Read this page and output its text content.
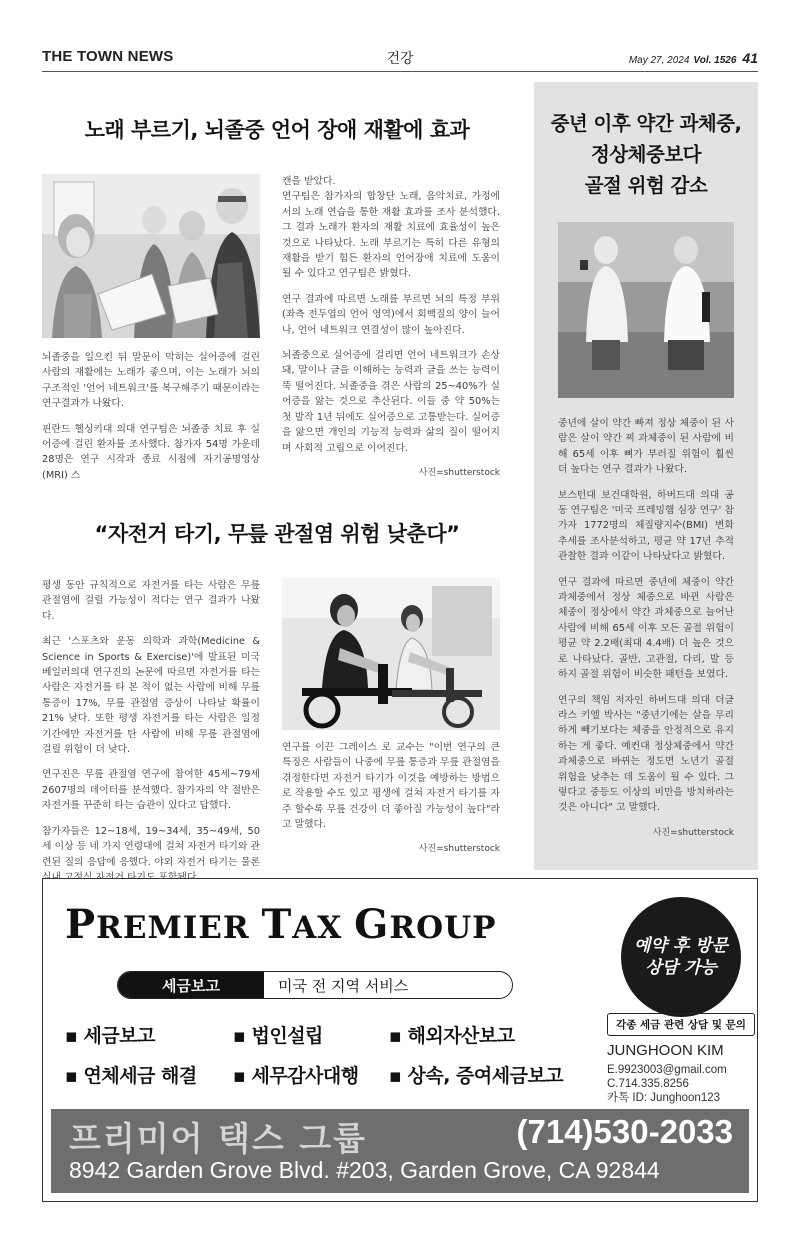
THE TOWN NEWS	건강	May 27, 2024 Vol. 1526 41
노래 부르기, 뇌졸중 언어 장애 재활에 효과

뇌졸중을 일으킨 뒤 말문이 막히는 실어증에 걸린 사람의 재활에는 노래가 좋으며, 이는 노래가 뇌의 구조적인 '언어 네트워크'를 복구해주기 때문이라는 연구결과가 나왔다.

핀란드 헬싱키대 의대 연구팀은 뇌졸중 치료 후 실어증에 걸린 환자를 조사했다. 참가자 54명 가운데 28명은 연구 시작과 종료 시점에 자기공명영상(MRI) 스

캔을 받았다.

연구팀은 참가자의 합창단 노래, 음악치료, 가정에서의 노래 연습을 통한 재활 효과를 조사 분석했다. 그 결과 노래가 환자의 재활 치료에 효율성이 높은 것으로 나타났다. 노래 부르기는 특히 다른 유형의 재활을 받기 힘든 환자의 언어장애 치료에 도움이 될 수 있다고 연구팀은 밝혔다.

연구 결과에 따르면 노래를 부르면 뇌의 특정 부위(좌측 전두엽의 언어 영역)에서 회백질의 양이 늘어나, 언어 네트워크 연결성이 많이 높아진다.

뇌졸중으로 실어증에 걸리면 언어 네트워크가 손상돼, 말이나 글을 이해하는 능력과 글을 쓰는 능력이 뚝 떨어진다. 뇌졸중을 겪은 사람의 25~40%가 실어증을 앓는 것으로 추산된다. 이들 중 약 50%는 첫 발작 1년 뒤에도 실어증으로 고통받는다. 실어증을 앓으면 개인의 기능적 능력과 삶의 질이 떨어지며 사회적 고립으로 이어진다.

사진=shutterstock
“자전거 타기, 무릎 관절염 위험 낮춘다”

평생 동안 규칙적으로 자전거를 타는 사람은 무릎 관절염에 걸릴 가능성이 적다는 연구 결과가 나왔다.

최근 '스포츠와 운동 의학과 과학(Medicine & Science in Sports & Exercise)'에 발표된 미국 베일러의대 연구진의 논문에 따르면 자전거를 타는 사람은 자전거를 타 본 적이 없는 사람에 비해 무릎 통증이 17%, 무릎 관절염 증상이 나타날 확률이 21% 낮다. 또한 평생 자전거를 타는 사람은 일정 기간에만 자전거를 탄 사람에 비해 무릎 관절염에 걸릴 위험이 더 낮다.

연구진은 무릎 관절염 연구에 참여한 45세~79세 2607명의 데이터를 분석했다. 참가자의 약 절반은 자전거를 꾸준히 타는 습관이 있다고 답했다.

참가자들은 12~18세, 19~34세, 35~49세, 50세 이상 등 네 가지 연령대에 걸쳐 자전거 타기와 관련된 질의 응답에 응했다. 야외 자전거 타기는 물론

연구를 이끈 그레이스 로 교수는 "이번 연구의 큰 특징은 사람들이 나중에 무릎 통증과 무릎 관절염을 겪정한다면 자전거 타기가 이것을 예방하는 방법으로 작용할 수도 있고 평생에 걸쳐 자전거 타기를 자주 할수록 무릎 건강이 더 좋아질 가능성이 높다"라고 말했다.

사진=shutterstock
중년 이후 약간 과체중,
정상체중보다
골절 위험 감소

중년에 살이 약간 빠져 정상 체중이 된 사람은 살이 약간 찌 과체중이 된 사람에 비해 65세 이후 뼈가 부러질 위험이 훨씬 더 높다는 연구 결과가 나왔다.

보스턴대 보건대학원, 하버드대 의대 공동 연구팀은 '미국 프레밍햄 심장 연구' 참가자 1772명의 체질량지수(BMI) 변화 추세를 조사분석하고, 평균 약 17년 추적 관찰한 결과 이같이 나타났다고 밝혔다.

연구 결과에 따르면 중년에 체중이 약간 과체중에서 정상 체중으로 바뀐 사람은 체중이 정상에서 약간 과체중으로 늘어난 사람에 비해 65세 이후 모든 골절 위험이 평균 약 2.2배(최대 4.4배) 더 높은 것으로 나타났다. 골반, 고관절, 다리, 발 등 하지 골절 위험이 비슷한 패턴을 보였다.

연구의 책임 저자인 하버드대 의대 더글라스 키엘 박사는 "중년기에는 살을 무리하게 빼기보다는 체중을 안정적으로 유지하는 게 좋다. 예컨대 정상체중에서 약간 과체중으로 바뀌는 정도면 노년기 골절 위험을 낮추는 데 도움이 될 수 있다. 그렇다고 중등도 이상의 비만을 방치하라는 것은 아니다" 고 말했다.

사진=shutterstock
PREMIER TAX GROUP
세금보고	미국 전 지역 서비스
▪ 세금보고	▪ 법인설립	▪ 해외자산보고
▪ 연체세금 해결 ▪ 세무감사대행 ▪ 상속, 증여세금보고
예약 후 방문
상담 가능
각종 세금 관련 상담 및 문의
JUNGHOON KIM
E.9923003@gmail.com
C.714.335.8256
카톡 ID: Junghoon123
프리미어 택스 그룹	(714)530-2033
8942 Garden Grove Blvd. #203, Garden Grove, CA 92844
